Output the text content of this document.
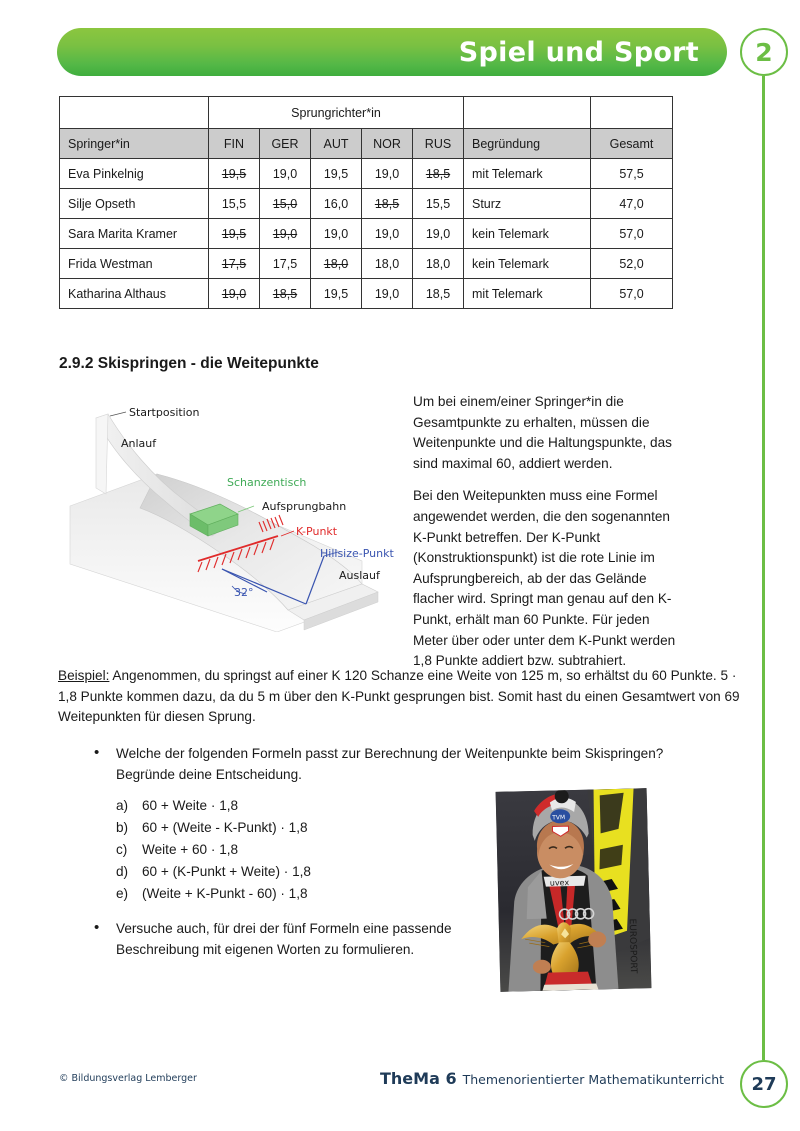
Spiel und Sport 2
	Sprungrichter*in						
Springer*in	FIN	GER	AUT	NOR	RUS	Begründung	Gesamt
Eva Pinkelnig	19,5	19,0	19,5	19,0	18,5	mit Telemark	57,5
Silje Opseth	15,5	15,0	16,0	18,5	15,5	Sturz	47,0
Sara Marita Kramer	19,5	19,0	19,0	19,0	19,0	kein Telemark	57,0
Frida Westman	17,5	17,5	18,0	18,0	18,0	kein Telemark	52,0
Katharina Althaus	19,0	18,5	19,5	19,0	18,5	mit Telemark	57,0
2.9.2 Skispringen - die Weitepunkte
32°
Startposition
Anlauf
Schanzentisch
Aufsprungbahn
K-Punkt
Hillsize-Punkt
Auslauf

Um bei einem/einer Springer*in die Gesamtpunkte zu erhalten, müssen die Weitenpunkte und die Haltungspunkte, das sind maximal 60, addiert werden.

Bei den Weitepunkten muss eine Formel angewendet werden, die den sogenannten K-Punkt betreffen. Der K-Punkt (Konstruktionspunkt) ist die rote Linie im Aufsprungbereich, ab der das Gelände flacher wird. Springt man genau auf den K-Punkt, erhält man 60 Punkte. Für jeden Meter über oder unter dem K-Punkt werden 1,8 Punkte addiert bzw. subtrahiert.

Beispiel: Angenommen, du springst auf einer K 120 Schanze eine Weite von 125 m, so erhältst du 60 Punkte. 5 · 1,8 Punkte kommen dazu, da du 5 m über den K-Punkt gesprungen bist. Somit hast du einen Gesamtwert von 69 Weitepunkten für diesen Sprung.
• Welche der folgenden Formeln passt zur Berechnung der Weitenpunkte beim Skispringen?
Begründe deine Entscheidung.
a)	60 + Weite · 1,8
b)	60 + (Weite - K-Punkt) · 1,8
c)	Weite + 60 · 1,8
d)	60 + (K-Punkt + Weite) · 1,8
e)	(Weite + K-Punkt - 60) · 1,8
• Versuche auch, für drei der fünf Formeln eine passende Beschreibung mit eigenen Worten zu formulieren.	EUROSPORT
uvex
TVM
© Bildungsverlag Lemberger	TheMa 6 Themenorientierter Mathematikunterricht 27
